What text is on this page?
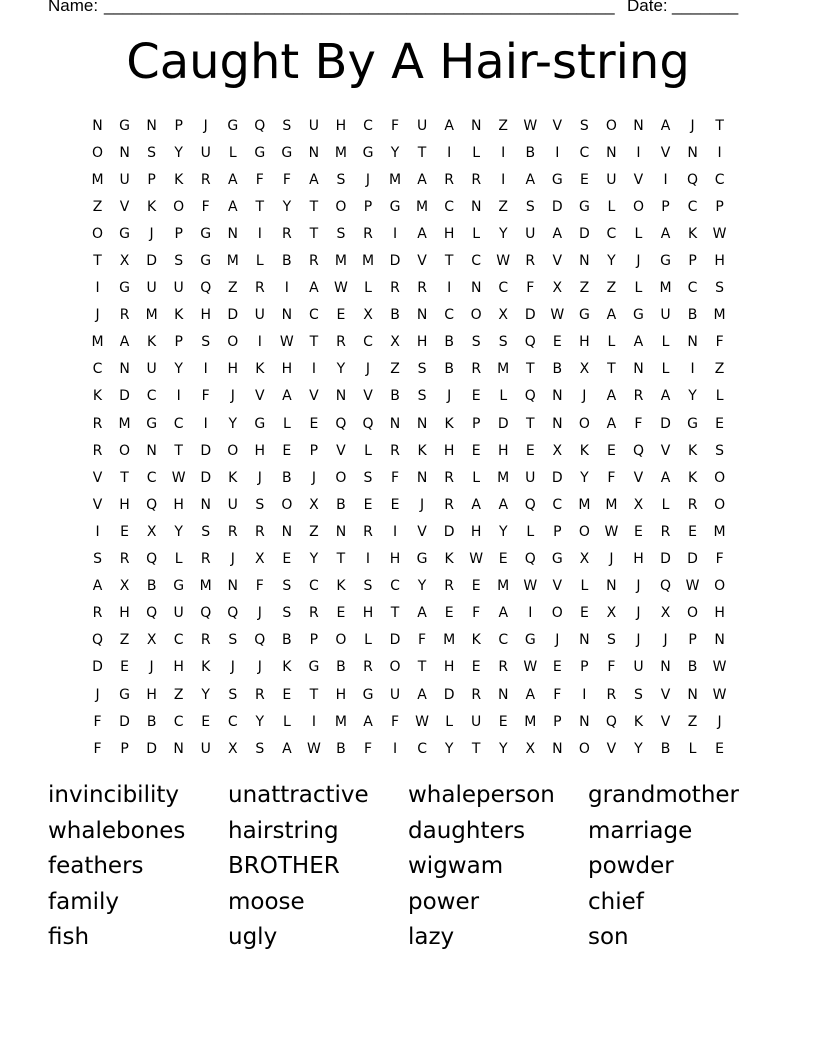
Name: ______________________________________________________ Date: _______
Caught By A Hair-string
N	G	N	P	J	G	Q	S	U	H	C	F	U	A	N	Z	W	V	S	O	N	A	J	T
O	N	S	Y	U	L	G	G	N	M	G	Y	T	I	L	I	B	I	C	N	I	V	N	I
M	U	P	K	R	A	F	F	A	S	J	M	A	R	R	I	A	G	E	U	V	I	Q	C
Z	V	K	O	F	A	T	Y	T	O	P	G	M	C	N	Z	S	D	G	L	O	P	C	P
O	G	J	P	G	N	I	R	T	S	R	I	A	H	L	Y	U	A	D	C	L	A	K	W
T	X	D	S	G	M	L	B	R	M	M	D	V	T	C	W	R	V	N	Y	J	G	P	H
I	G	U	U	Q	Z	R	I	A	W	L	R	R	I	N	C	F	X	Z	Z	L	M	C	S
J	R	M	K	H	D	U	N	C	E	X	B	N	C	O	X	D	W	G	A	G	U	B	M
M	A	K	P	S	O	I	W	T	R	C	X	H	B	S	S	Q	E	H	L	A	L	N	F
C	N	U	Y	I	H	K	H	I	Y	J	Z	S	B	R	M	T	B	X	T	N	L	I	Z
K	D	C	I	F	J	V	A	V	N	V	B	S	J	E	L	Q	N	J	A	R	A	Y	L
R	M	G	C	I	Y	G	L	E	Q	Q	N	N	K	P	D	T	N	O	A	F	D	G	E
R	O	N	T	D	O	H	E	P	V	L	R	K	H	E	H	E	X	K	E	Q	V	K	S
V	T	C	W	D	K	J	B	J	O	S	F	N	R	L	M	U	D	Y	F	V	A	K	O
V	H	Q	H	N	U	S	O	X	B	E	E	J	R	A	A	Q	C	M	M	X	L	R	O
I	E	X	Y	S	R	R	N	Z	N	R	I	V	D	H	Y	L	P	O	W	E	R	E	M
S	R	Q	L	R	J	X	E	Y	T	I	H	G	K	W	E	Q	G	X	J	H	D	D	F
A	X	B	G	M	N	F	S	C	K	S	C	Y	R	E	M	W	V	L	N	J	Q	W	O
R	H	Q	U	Q	Q	J	S	R	E	H	T	A	E	F	A	I	O	E	X	J	X	O	H
Q	Z	X	C	R	S	Q	B	P	O	L	D	F	M	K	C	G	J	N	S	J	J	P	N
D	E	J	H	K	J	J	K	G	B	R	O	T	H	E	R	W	E	P	F	U	N	B	W
J	G	H	Z	Y	S	R	E	T	H	G	U	A	D	R	N	A	F	I	R	S	V	N	W
F	D	B	C	E	C	Y	L	I	M	A	F	W	L	U	E	M	P	N	Q	K	V	Z	J
F	P	D	N	U	X	S	A	W	B	F	I	C	Y	T	Y	X	N	O	V	Y	B	L	E
invincibility	unattractive	whaleperson	grandmother
whalebones	hairstring	daughters	marriage
feathers	BROTHER	wigwam	powder
family	moose	power	chief
fish	ugly	lazy	son
